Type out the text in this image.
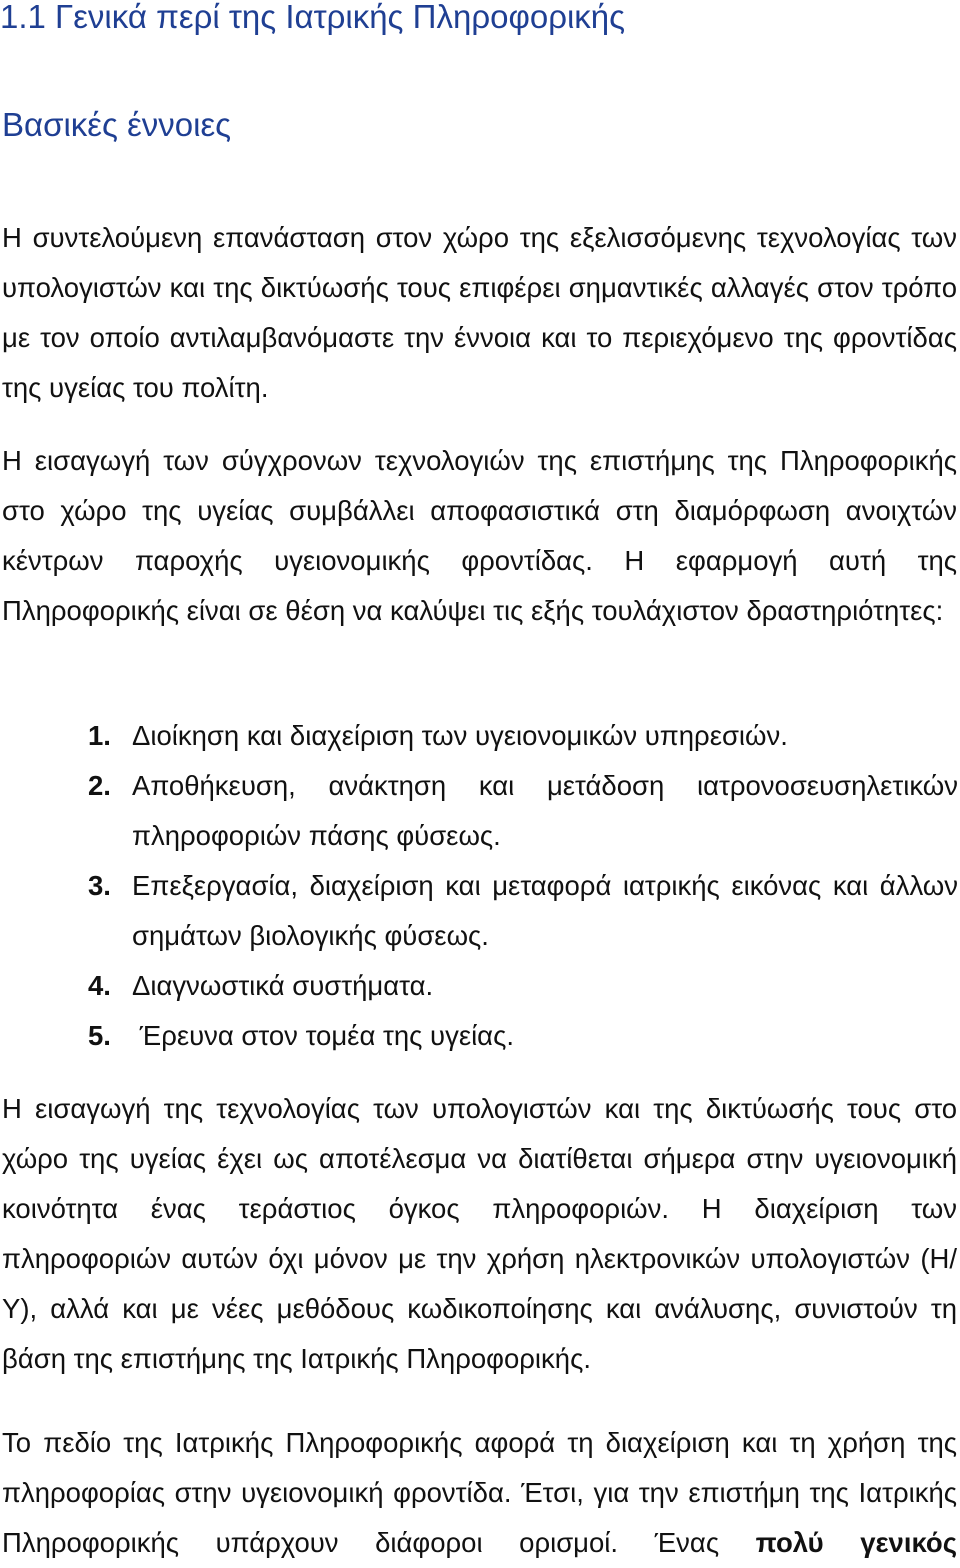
1.1 Γενικά περί της Ιατρικής Πληροφορικής
Βασικές έννοιες

Η συντελούμενη επανάσταση στον χώρο της εξελισσόμενης τεχνολογίας των υπολογιστών και της δικτύωσής τους επιφέρει σημαντικές αλλαγές στον τρόπο με τον οποίο αντιλαμβανόμαστε την έννοια και το περιεχόμενο της φροντίδας της υγείας του πολίτη.

Η εισαγωγή των σύγχρονων τεχνολογιών της επιστήμης της Πληροφορικής στο χώρο της υγείας συμβάλλει αποφασιστικά στη διαμόρφωση ανοιχτών κέντρων παροχής υγειονομικής φροντίδας. Η εφαρμογή αυτή της Πληροφορικής είναι σε θέση να καλύψει τις εξής τουλάχιστον δραστηριότητες:

1. Διοίκηση και διαχείριση των υγειονομικών υπηρεσιών.
2. Αποθήκευση, ανάκτηση και μετάδοση ιατρονοσευσηλετικών πληροφοριών πάσης φύσεως.
3. Επεξεργασία, διαχείριση και μεταφορά ιατρικής εικόνας και άλλων σημάτων βιολογικής φύσεως.
4. Διαγνωστικά συστήματα.
5. Έρευνα στον τομέα της υγείας.

Η εισαγωγή της τεχνολογίας των υπολογιστών και της δικτύωσής τους στο χώρο της υγείας έχει ως αποτέλεσμα να διατίθεται σήμερα στην υγειονομική κοινότητα ένας τεράστιος όγκος πληροφοριών. Η διαχείριση των πληροφοριών αυτών όχι μόνον με την χρήση ηλεκτρονικών υπολογιστών (Η/Υ), αλλά και με νέες μεθόδους κωδικοποίησης και ανάλυσης, συνιστούν τη βάση της επιστήμης της Ιατρικής Πληροφορικής.

Το πεδίο της Ιατρικής Πληροφορικής αφορά τη διαχείριση και τη χρήση της πληροφορίας στην υγειονομική φροντίδα. Έτσι, για την επιστήμη της Ιατρικής Πληροφορικής υπάρχουν διάφοροι ορισμοί. Ένας πολύ γενικός
